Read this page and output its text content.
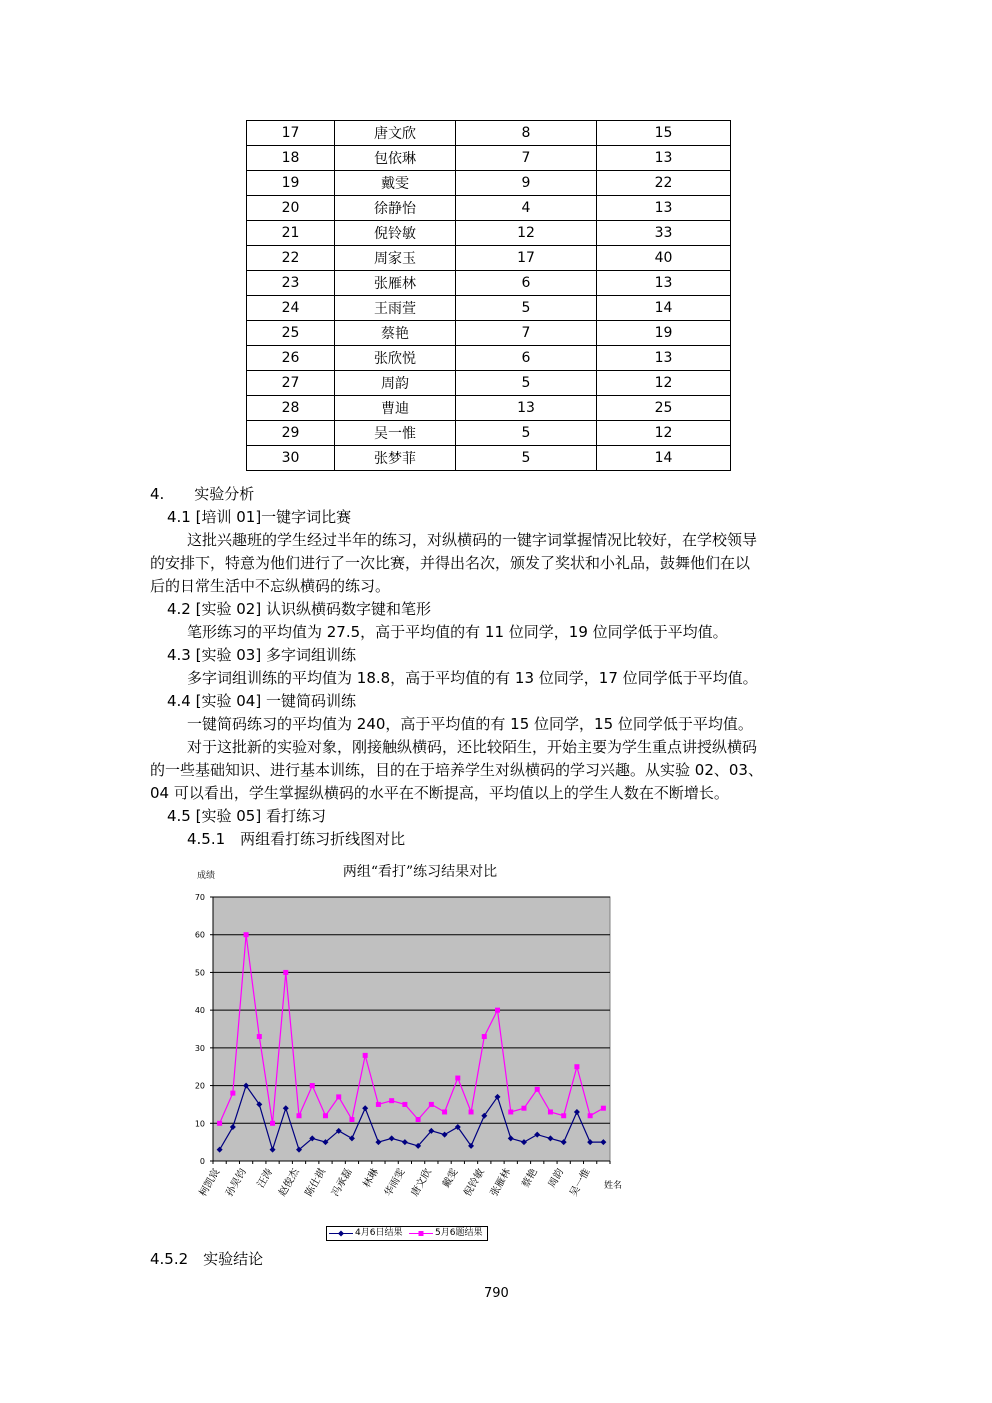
17	唐文欣	8	15
18	包依琳	7	13
19	戴雯	9	22
20	徐静怡	4	13
21	倪铃敏	12	33
22	周家玉	17	40
23	张雁林	6	13
24	王雨萱	5	14
25	蔡艳	7	19
26	张欣悦	6	13
27	周韵	5	12
28	曹迪	13	25
29	吴一惟	5	12
30	张梦菲	5	14
4.　　实验分析
4.1 [培训 01]一键字词比赛
这批兴趣班的学生经过半年的练习，对纵横码的一键字词掌握情况比较好，在学校领导
的安排下，特意为他们进行了一次比赛，并得出名次，颁发了奖状和小礼品，鼓舞他们在以
后的日常生活中不忘纵横码的练习。
4.2 [实验 02] 认识纵横码数字键和笔形
笔形练习的平均值为 27.5，高于平均值的有 11 位同学，19 位同学低于平均值。
4.3 [实验 03] 多字词组训练
多字词组训练的平均值为 18.8，高于平均值的有 13 位同学，17 位同学低于平均值。
4.4 [实验 04] 一键简码训练
一键简码练习的平均值为 240，高于平均值的有 15 位同学，15 位同学低于平均值。
对于这批新的实验对象，刚接触纵横码，还比较陌生，开始主要为学生重点讲授纵横码
的一些基础知识、进行基本训练，目的在于培养学生对纵横码的学习兴趣。从实验 02、03、
04 可以看出，学生掌握纵横码的水平在不断提高，平均值以上的学生人数在不断增长。
4.5 [实验 05] 看打练习
4.5.1　两组看打练习折线图对比
两组“看打”练习结果对比
成绩
0
10
20
30
40
50
60
70
柯凯宸 孙昊钧 汪涛 赵俊杰 陈仕祺 冯承磊 林琳 华雨雯 唐文欣 戴雯 倪铃敏 张雁林 蔡艳 周韵 吴一惟 姓名
4月6日结果	5月6题结果
4.5.2　实验结论
790
